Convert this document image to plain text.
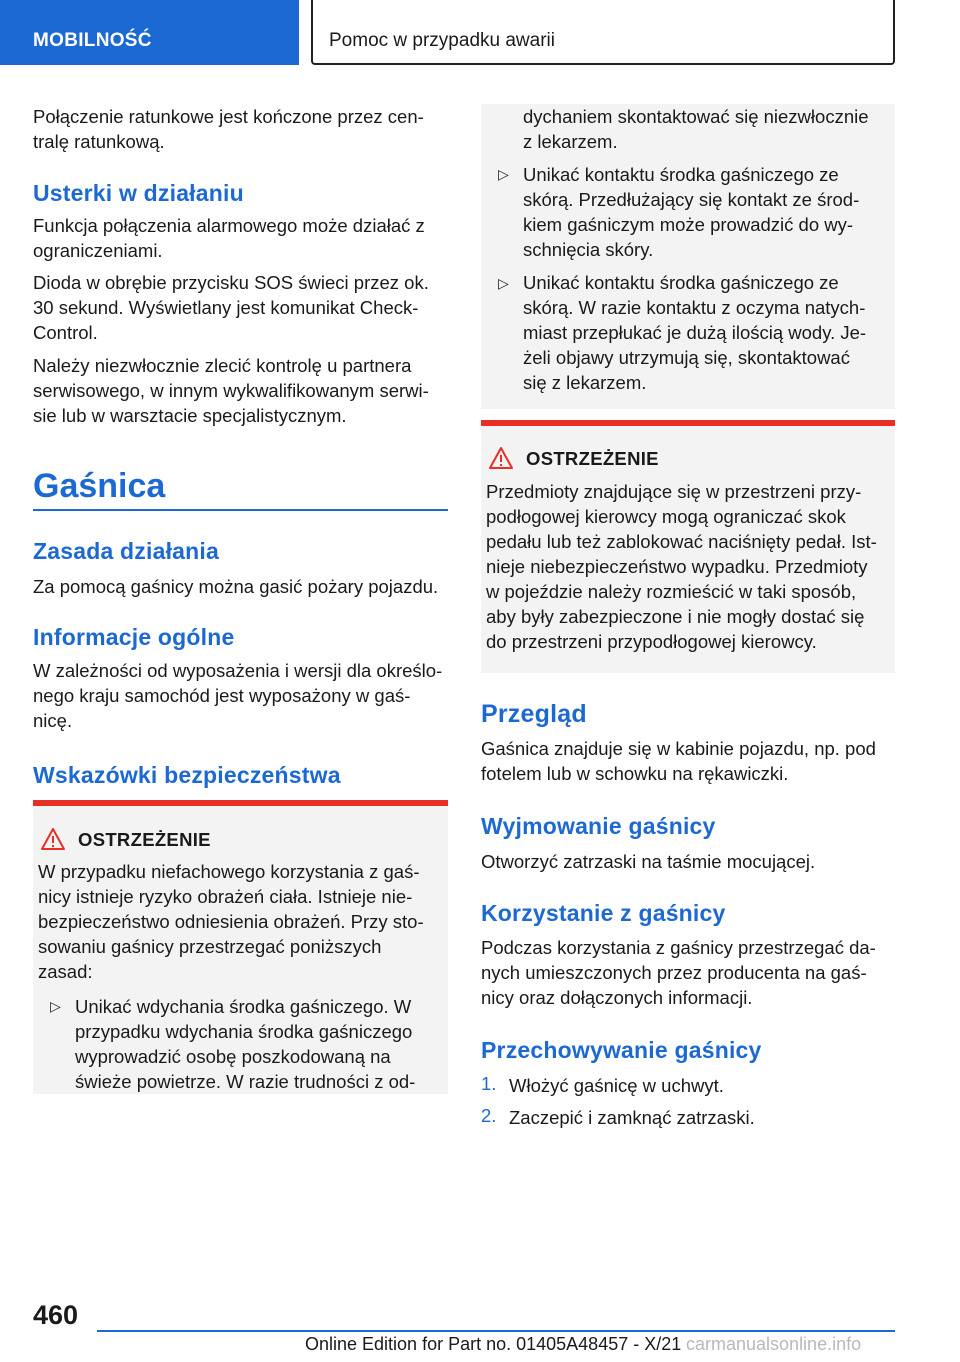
MOBILNOŚĆ	Pomoc w przypadku awarii
Połączenie ratunkowe jest kończone przez cen-
tralę ratunkową.
Usterki w działaniu
Funkcja połączenia alarmowego może działać z
ograniczeniami.
Dioda w obrębie przycisku SOS świeci przez ok.
30 sekund. Wyświetlany jest komunikat Check-
Control.
Należy niezwłocznie zlecić kontrolę u partnera
serwisowego, w innym wykwalifikowanym serwi-
sie lub w warsztacie specjalistycznym.
Gaśnica
Zasada działania
Za pomocą gaśnicy można gasić pożary pojazdu.
Informacje ogólne
W zależności od wyposażenia i wersji dla określo-
nego kraju samochód jest wyposażony w gaś-
nicę.
Wskazówki bezpieczeństwa
OSTRZEŻENIE
W przypadku niefachowego korzystania z gaś-
nicy istnieje ryzyko obrażeń ciała. Istnieje nie-
bezpieczeństwo odniesienia obrażeń. Przy sto-
sowaniu gaśnicy przestrzegać poniższych
zasad:
▷ Unikać wdychania środka gaśniczego. W
przypadku wdychania środka gaśniczego
wyprowadzić osobę poszkodowaną na
świeże powietrze. W razie trudności z od-
dychaniem skontaktować się niezwłocznie
z lekarzem.
▷ Unikać kontaktu środka gaśniczego ze
skórą. Przedłużający się kontakt ze środ-
kiem gaśniczym może prowadzić do wy-
schnięcia skóry.
▷ Unikać kontaktu środka gaśniczego ze
skórą. W razie kontaktu z oczyma natych-
miast przepłukać je dużą ilością wody. Je-
żeli objawy utrzymują się, skontaktować
się z lekarzem.
OSTRZEŻENIE
Przedmioty znajdujące się w przestrzeni przy-
podłogowej kierowcy mogą ograniczać skok
pedału lub też zablokować naciśnięty pedał. Ist-
nieje niebezpieczeństwo wypadku. Przedmioty
w pojeździe należy rozmieścić w taki sposób,
aby były zabezpieczone i nie mogły dostać się
do przestrzeni przypodłogowej kierowcy.
Przegląd
Gaśnica znajduje się w kabinie pojazdu, np. pod
fotelem lub w schowku na rękawiczki.
Wyjmowanie gaśnicy
Otworzyć zatrzaski na taśmie mocującej.
Korzystanie z gaśnicy
Podczas korzystania z gaśnicy przestrzegać da-
nych umieszczonych przez producenta na gaś-
nicy oraz dołączonych informacji.
Przechowywanie gaśnicy
1. Włożyć gaśnicę w uchwyt.
2. Zaczepić i zamknąć zatrzaski.
460
Online Edition for Part no. 01405A48457 - X/21 carmanualsonline.info
